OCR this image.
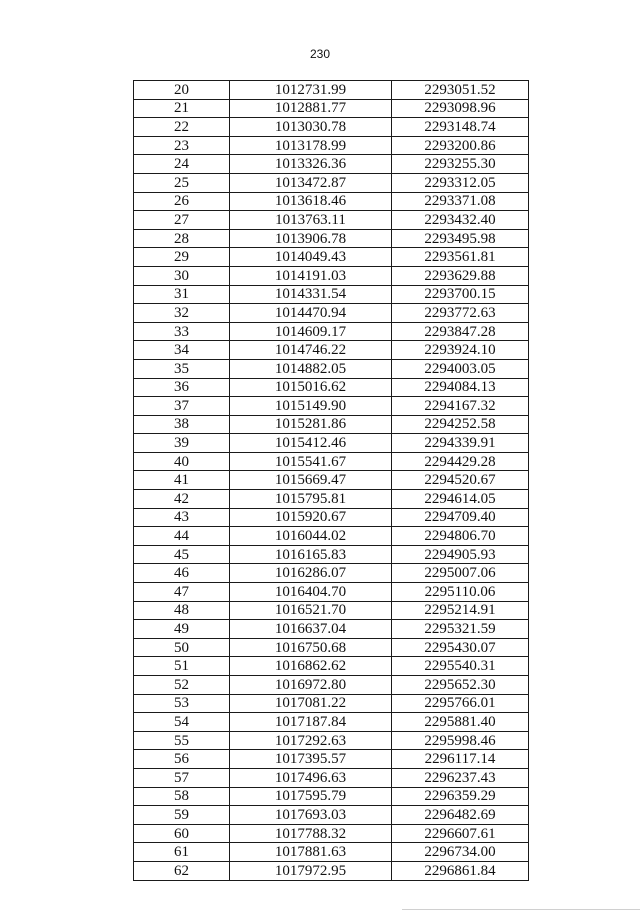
230
20	1012731.99	2293051.52
21	1012881.77	2293098.96
22	1013030.78	2293148.74
23	1013178.99	2293200.86
24	1013326.36	2293255.30
25	1013472.87	2293312.05
26	1013618.46	2293371.08
27	1013763.11	2293432.40
28	1013906.78	2293495.98
29	1014049.43	2293561.81
30	1014191.03	2293629.88
31	1014331.54	2293700.15
32	1014470.94	2293772.63
33	1014609.17	2293847.28
34	1014746.22	2293924.10
35	1014882.05	2294003.05
36	1015016.62	2294084.13
37	1015149.90	2294167.32
38	1015281.86	2294252.58
39	1015412.46	2294339.91
40	1015541.67	2294429.28
41	1015669.47	2294520.67
42	1015795.81	2294614.05
43	1015920.67	2294709.40
44	1016044.02	2294806.70
45	1016165.83	2294905.93
46	1016286.07	2295007.06
47	1016404.70	2295110.06
48	1016521.70	2295214.91
49	1016637.04	2295321.59
50	1016750.68	2295430.07
51	1016862.62	2295540.31
52	1016972.80	2295652.30
53	1017081.22	2295766.01
54	1017187.84	2295881.40
55	1017292.63	2295998.46
56	1017395.57	2296117.14
57	1017496.63	2296237.43
58	1017595.79	2296359.29
59	1017693.03	2296482.69
60	1017788.32	2296607.61
61	1017881.63	2296734.00
62	1017972.95	2296861.84
